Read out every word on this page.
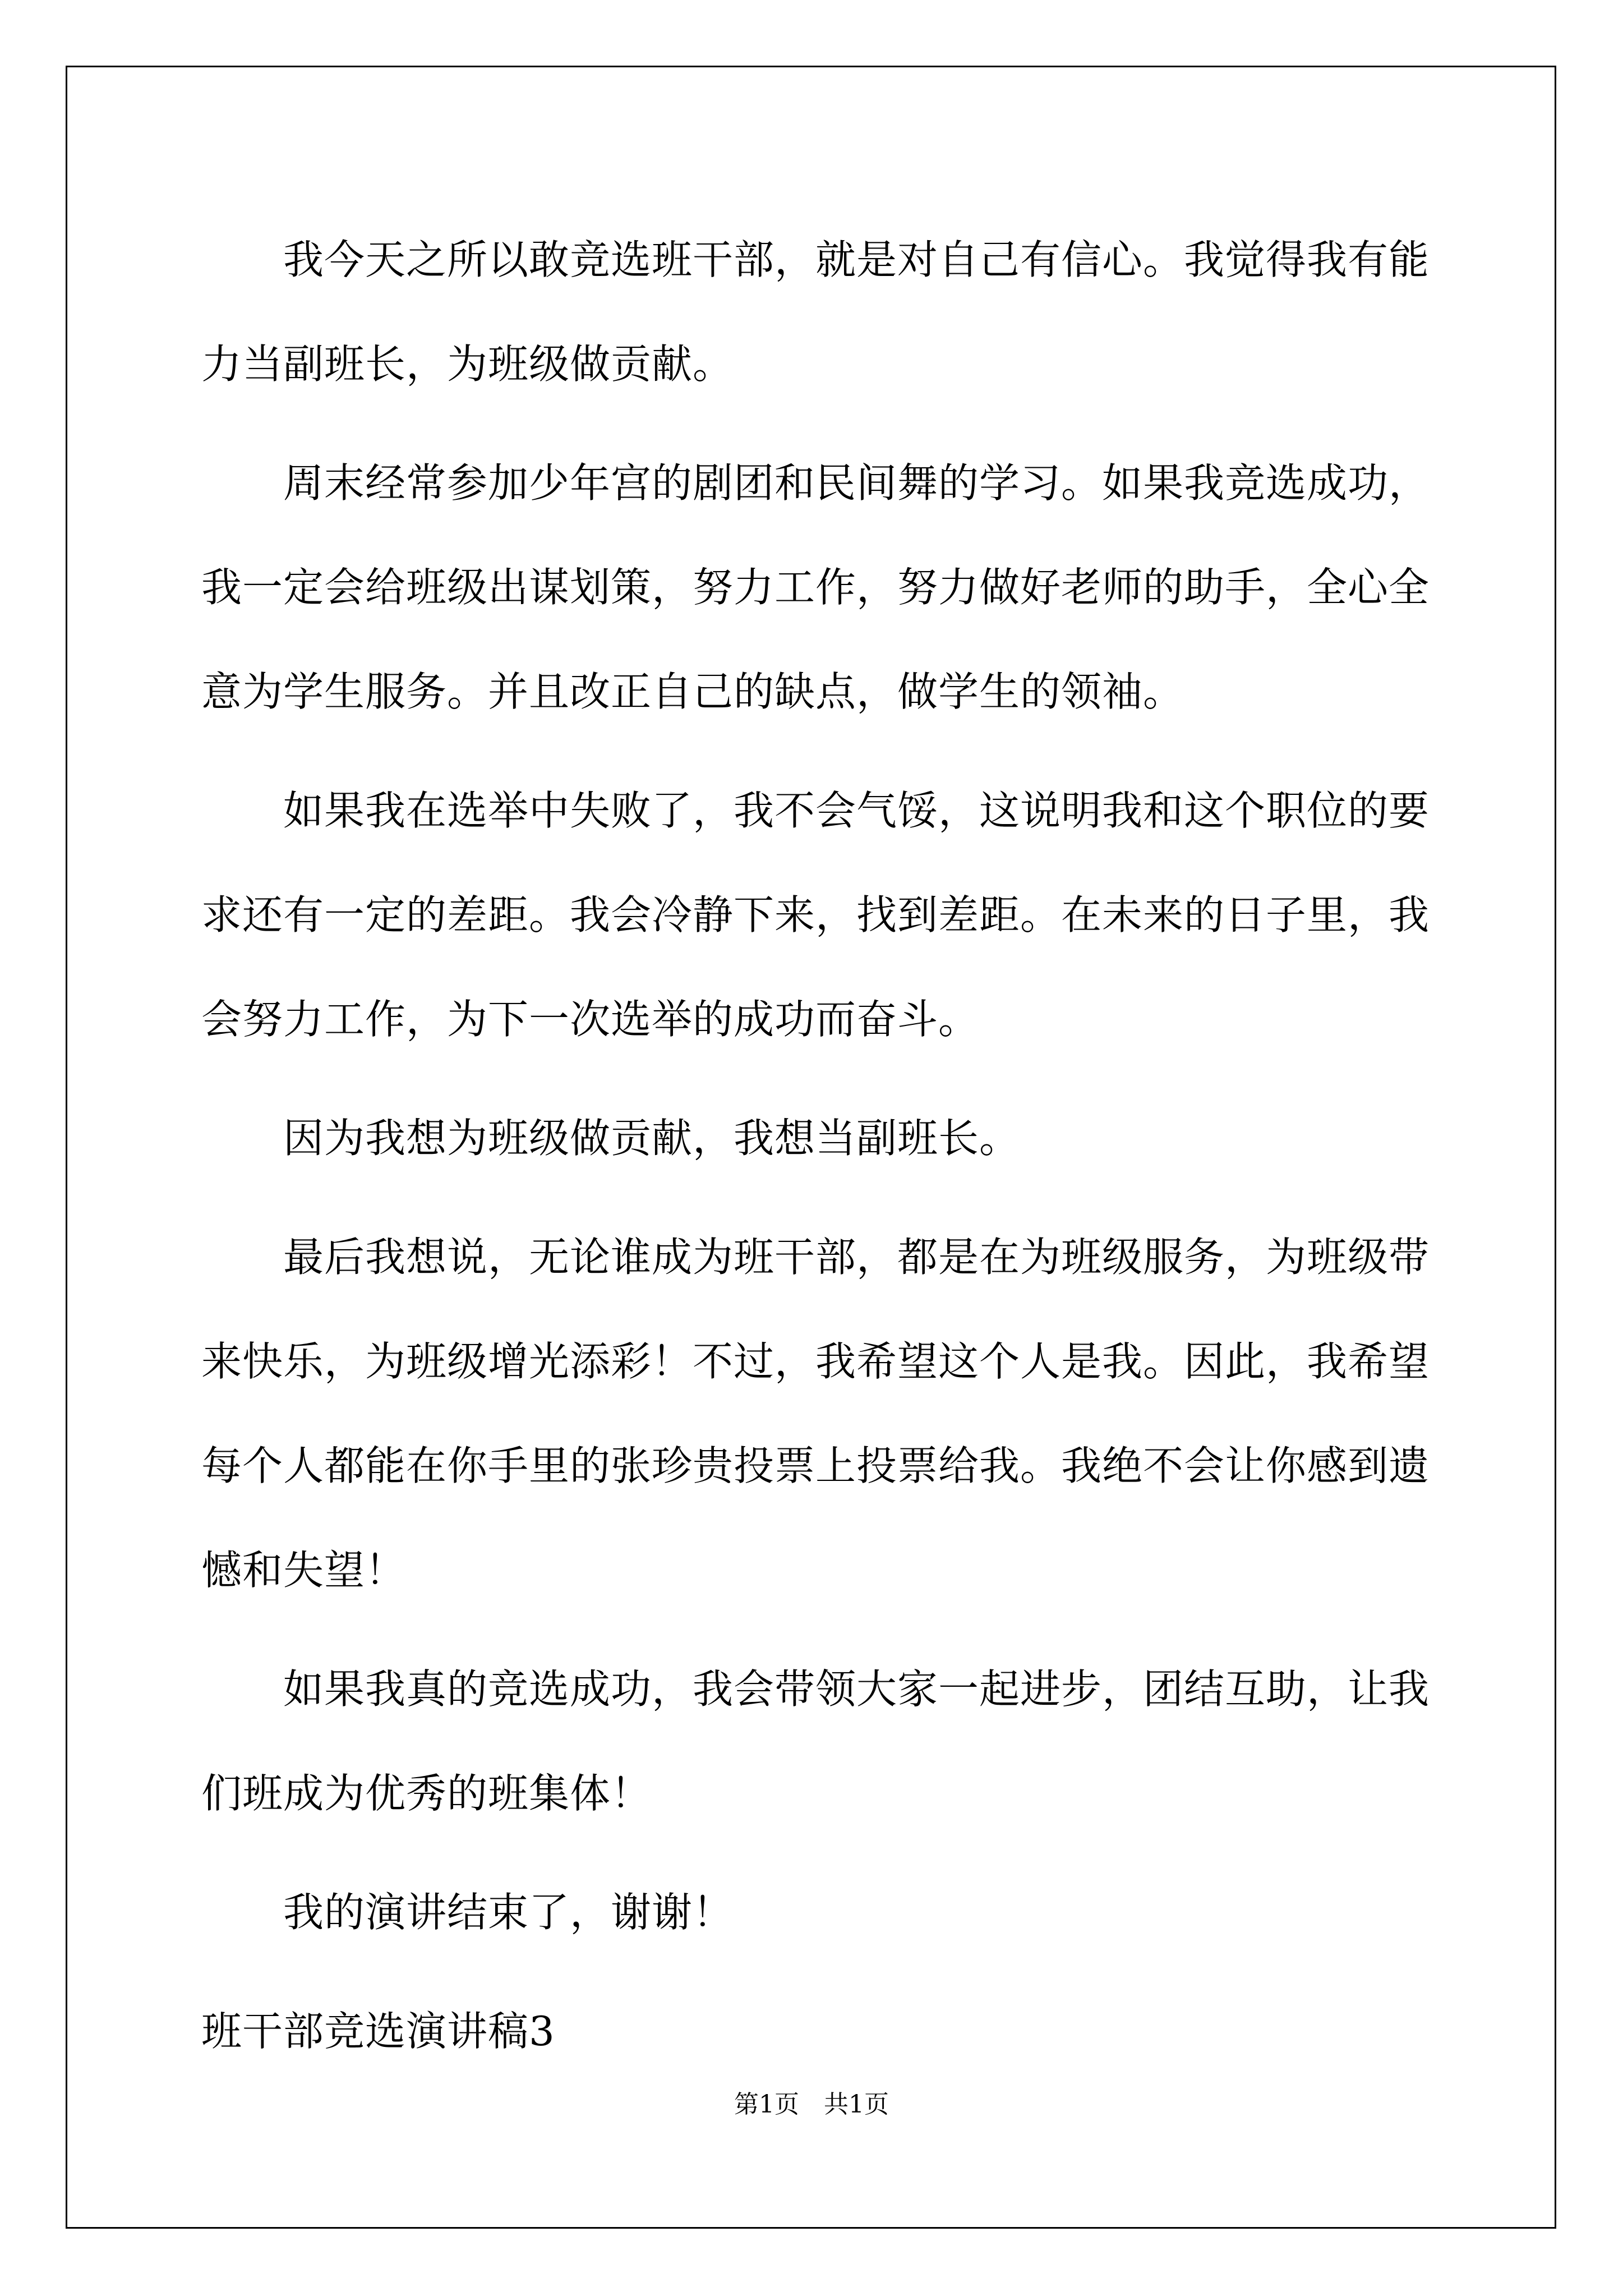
我今天之所以敢竞选班干部，就是对自己有信心。我觉得我有能力当副班长，为班级做贡献。

周末经常参加少年宫的剧团和民间舞的学习。如果我竞选成功，我一定会给班级出谋划策，努力工作，努力做好老师的助手，全心全意为学生服务。并且改正自己的缺点，做学生的领袖。

如果我在选举中失败了，我不会气馁，这说明我和这个职位的要求还有一定的差距。我会冷静下来，找到差距。在未来的日子里，我会努力工作，为下一次选举的成功而奋斗。

因为我想为班级做贡献，我想当副班长。

最后我想说，无论谁成为班干部，都是在为班级服务，为班级带来快乐，为班级增光添彩！不过，我希望这个人是我。因此，我希望每个人都能在你手里的张珍贵投票上投票给我。我绝不会让你感到遗憾和失望！

如果我真的竞选成功，我会带领大家一起进步，团结互助，让我们班成为优秀的班集体！

我的演讲结束了，谢谢！

班干部竞选演讲稿3

第1页 共1页
